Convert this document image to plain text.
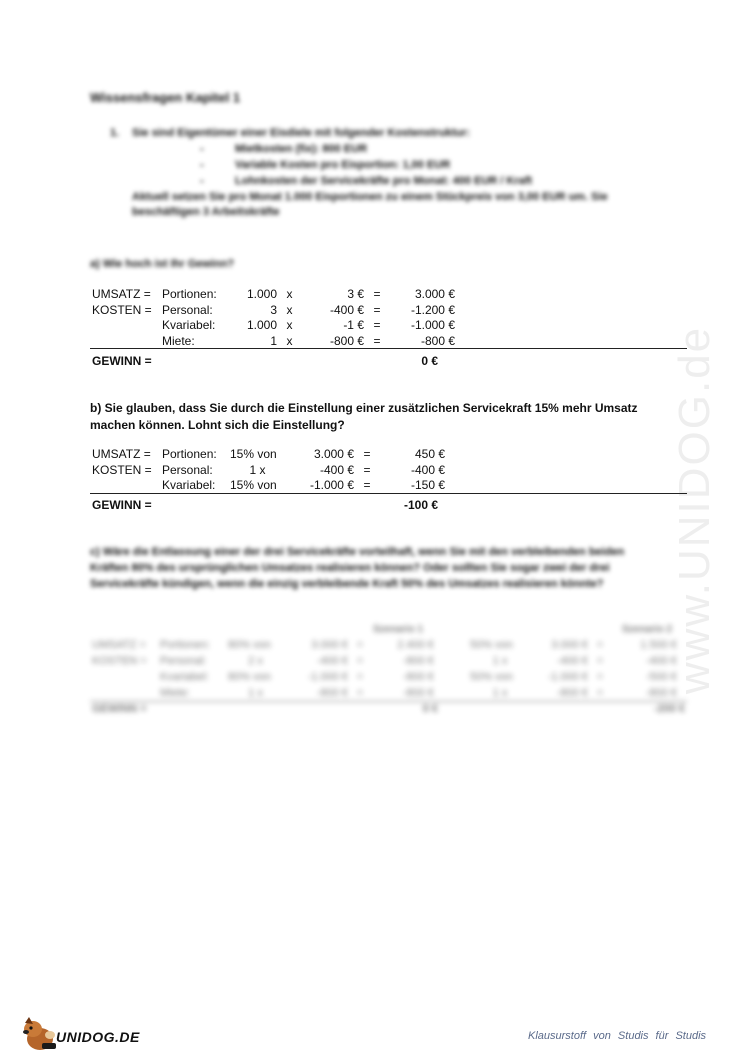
www.UNIDOG.de
Wissensfragen Kapitel 1
1. Sie sind Eigentümer einer Eisdiele mit folgender Kostenstruktur:
-	Mietkosten (fix): 800 EUR
-	Variable Kosten pro Eisportion: 1,00 EUR
-	Lohnkosten der Servicekräfte pro Monat: 400 EUR / Kraft
Aktuell setzen Sie pro Monat 1.000 Eisportionen zu einem Stückpreis von 3,00 EUR um. Sie beschäftigen 3 Arbeitskräfte
a) Wie hoch ist Ihr Gewinn?
UMSATZ =	Portionen:	1.000	x	3 €	=	3.000 €
KOSTEN =	Personal:	3	x	-400 €	=	-1.200 €
	Kvariabel:	1.000	x	-1 €	=	-1.000 €
	Miete:	1	x	-800 €	=	-800 €
GEWINN =	0 €
b) Sie glauben, dass Sie durch die Einstellung einer zusätzlichen Servicekraft 15% mehr Umsatz machen können. Lohnt sich die Einstellung?
UMSATZ =	Portionen:	15% von	3.000 €	=	450 €
KOSTEN =	Personal:	1 x	-400 €	=	-400 €
	Kvariabel:	15% von	-1.000 €	=	-150 €
GEWINN =	-100 €
c) Wäre die Entlassung einer der drei Servicekräfte vorteilhaft, wenn Sie mit den verbleibenden beiden Kräften 80% des ursprünglichen Umsatzes realisieren können? Oder sollten Sie sogar zwei der drei Servicekräfte kündigen, wenn die einzig verbleibende Kraft 50% des Umsatzes realisieren könnte?
Szenario 1	Szenario 2
UMSATZ =	Portionen:	80% von	3.000 €	=	2.400 €		50% von	3.000 €	=	1.500 €
KOSTEN =	Personal:	2 x	-400 €	=	-800 €		1 x	-400 €	=	-400 €
	Kvariabel:	80% von	-1.000 €	=	-800 €		50% von	-1.000 €	=	-500 €
	Miete:	1 x	-800 €	=	-800 €		1 x	-800 €	=	-800 €
GEWINN =	0 €	-200 €
UNIDOG.DE	Klausurstoff von Studis für Studis
